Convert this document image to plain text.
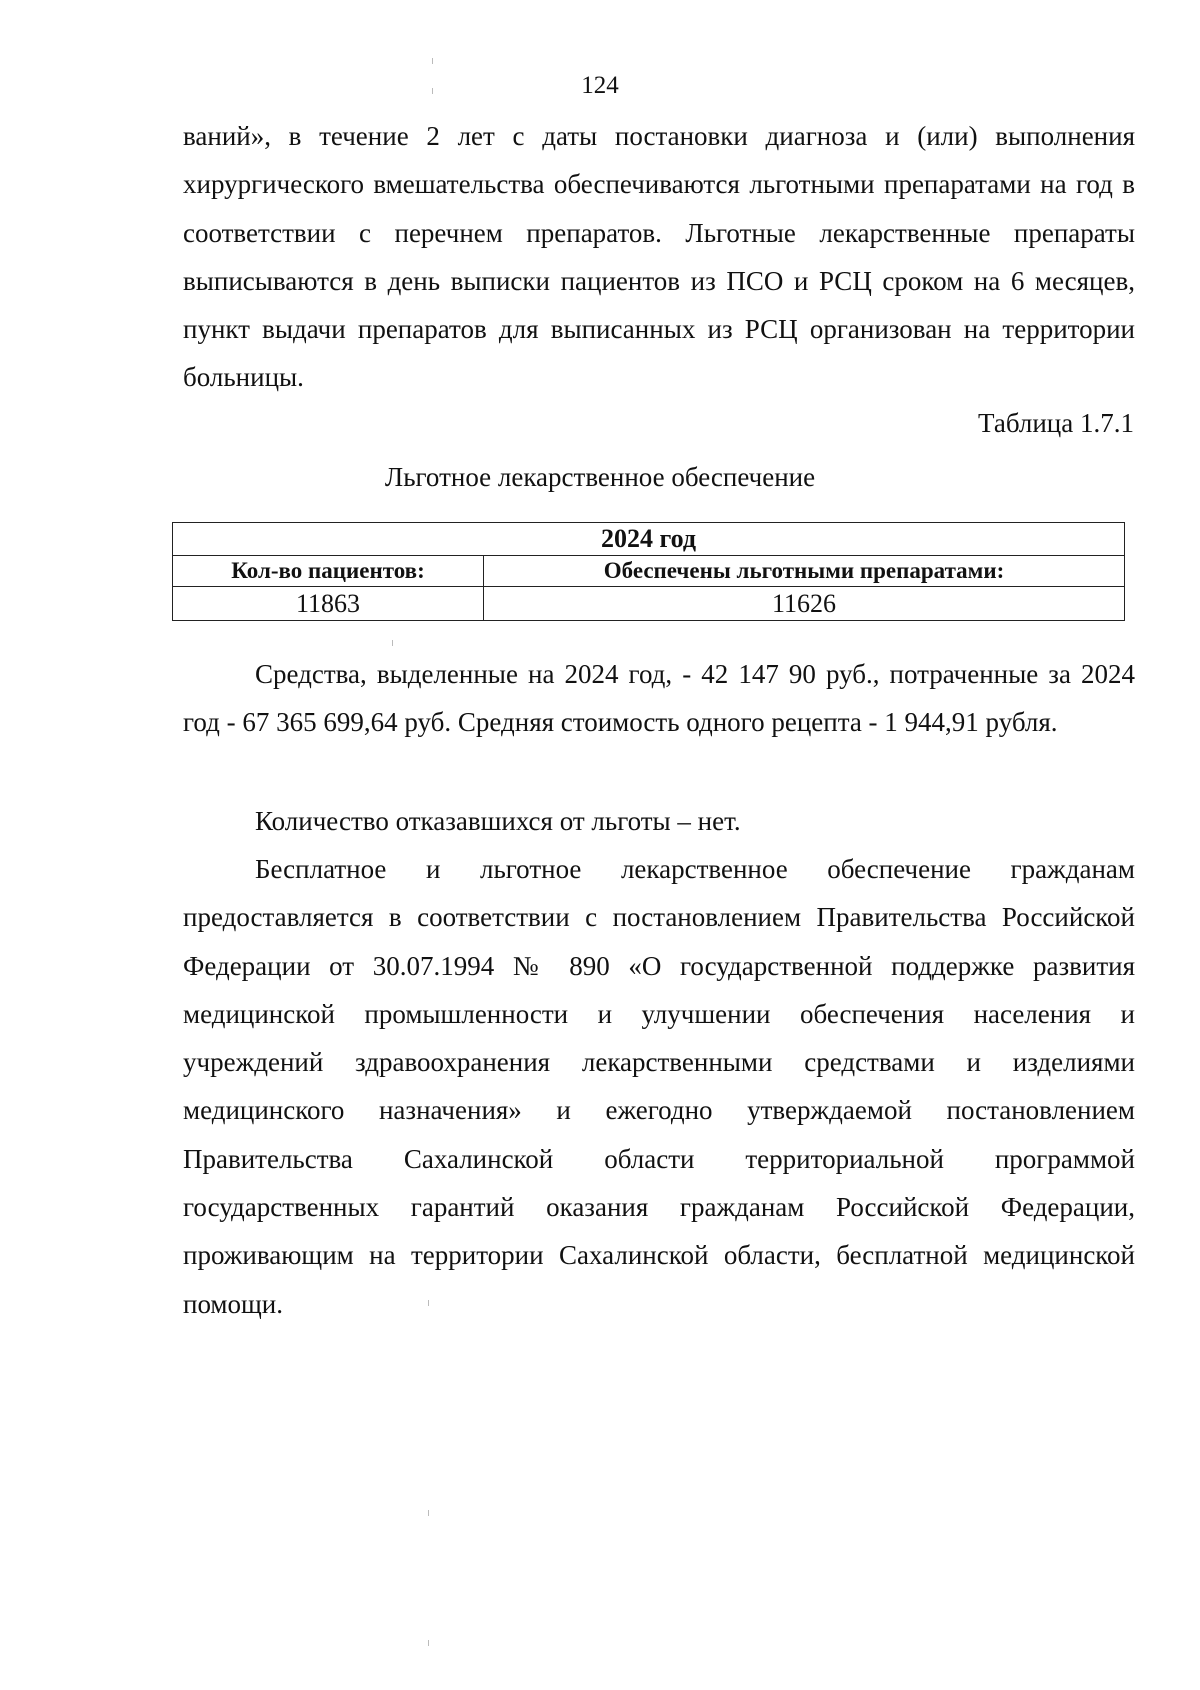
124

ваний», в течение 2 лет с даты постановки диагноза и (или) выполнения хирургического вмешательства обеспечиваются льготными препаратами на год в соответствии с перечнем препаратов. Льготные лекарственные препараты выписываются в день выписки пациентов из ПСО и РСЦ сроком на 6 месяцев, пункт выдачи препаратов для выписанных из РСЦ организован на территории больницы.

Таблица 1.7.1
Льготное лекарственное обеспечение
2024 год	
Кол-во пациентов:	Обеспечены льготными препаратами:
11863	11626

Средства, выделенные на 2024 год, - 42 147 90 руб., потраченные за 2024 год - 67 365 699,64 руб. Средняя стоимость одного рецепта - 1 944,91 рубля.

Количество отказавшихся от льготы – нет.

Бесплатное и льготное лекарственное обеспечение гражданам предоставляется в соответствии с постановлением Правительства Российской Федерации от 30.07.1994 № 890 «О государственной поддержке развития медицинской промышленности и улучшении обеспечения населения и учреждений здравоохранения лекарственными средствами и изделиями медицинского назначения» и ежегодно утверждаемой постановлением Правительства Сахалинской области территориальной программой государственных гарантий оказания гражданам Российской Федерации, проживающим на территории Сахалинской области, бесплатной медицинской помощи.
